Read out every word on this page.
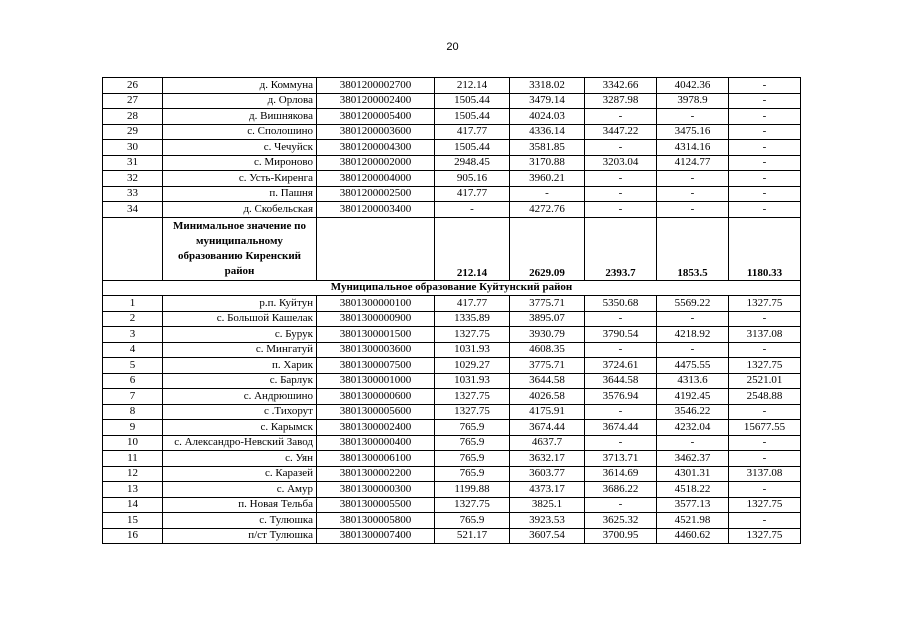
20
26	д. Коммуна	3801200002700	212.14	3318.02	3342.66	4042.36	-
27	д. Орлова	3801200002400	1505.44	3479.14	3287.98	3978.9	-
28	д. Вишнякова	3801200005400	1505.44	4024.03	-	-	-
29	с. Сполошино	3801200003600	417.77	4336.14	3447.22	3475.16	-
30	с. Чечуйск	3801200004300	1505.44	3581.85	-	4314.16	-
31	с. Мироново	3801200002000	2948.45	3170.88	3203.04	4124.77	-
32	с. Усть-Киренга	3801200004000	905.16	3960.21	-	-	-
33	п. Пашня	3801200002500	417.77	-	-	-	-
34	д. Скобельская	3801200003400	-	4272.76	-	-	-
	Минимальное значение по муниципальному образованию Киренский район		212.14	2629.09	2393.7	1853.5	1180.33
Муниципальное образование Куйтунский район							
1	р.п. Куйтун	3801300000100	417.77	3775.71	5350.68	5569.22	1327.75
2	с. Большой Кашелак	3801300000900	1335.89	3895.07	-	-	-
3	с. Бурук	3801300001500	1327.75	3930.79	3790.54	4218.92	3137.08
4	с. Мингатуй	3801300003600	1031.93	4608.35	-	-	-
5	п. Харик	3801300007500	1029.27	3775.71	3724.61	4475.55	1327.75
6	с. Барлук	3801300001000	1031.93	3644.58	3644.58	4313.6	2521.01
7	с. Андрюшино	3801300000600	1327.75	4026.58	3576.94	4192.45	2548.88
8	с .Тихорут	3801300005600	1327.75	4175.91	-	3546.22	-
9	с. Карымск	3801300002400	765.9	3674.44	3674.44	4232.04	15677.55
10	с. Александро-Невский Завод	3801300000400	765.9	4637.7	-	-	-
11	с. Уян	3801300006100	765.9	3632.17	3713.71	3462.37	-
12	с. Каразей	3801300002200	765.9	3603.77	3614.69	4301.31	3137.08
13	с. Амур	3801300000300	1199.88	4373.17	3686.22	4518.22	-
14	п. Новая Тельба	3801300005500	1327.75	3825.1	-	3577.13	1327.75
15	с. Тулюшка	3801300005800	765.9	3923.53	3625.32	4521.98	-
16	п/ст Тулюшка	3801300007400	521.17	3607.54	3700.95	4460.62	1327.75
